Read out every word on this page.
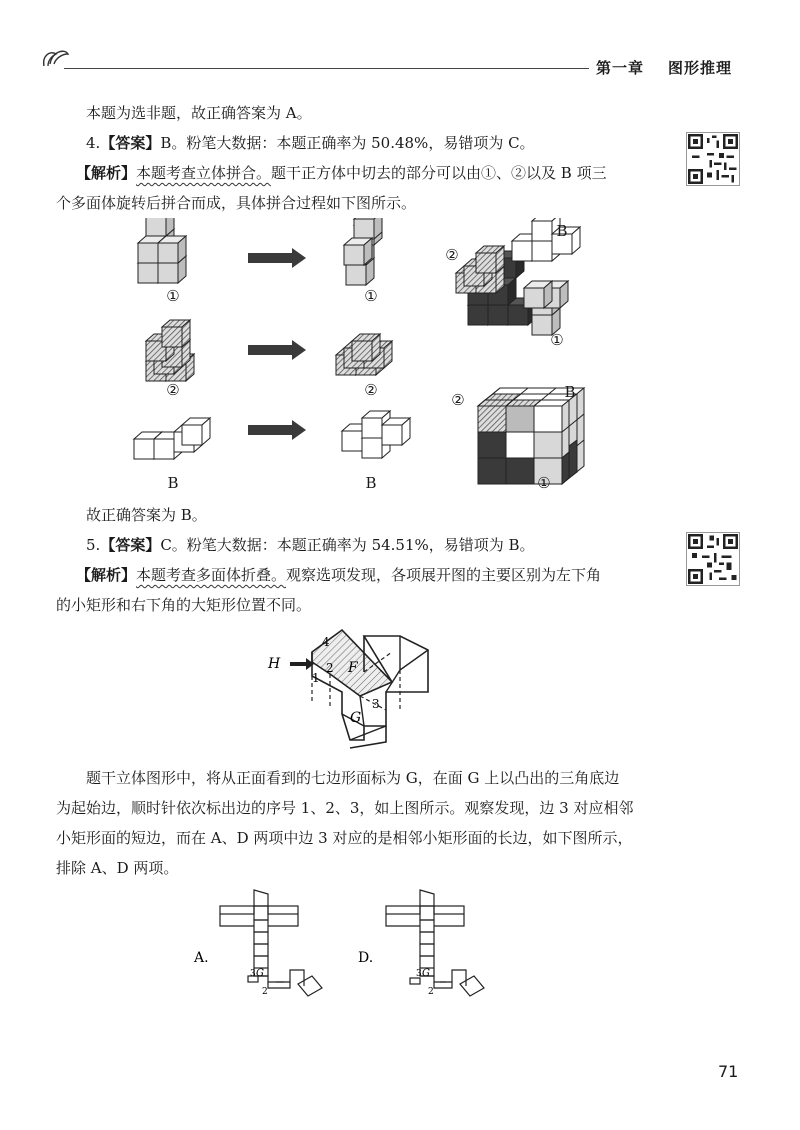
第一章 图形推理
本题为选非题，故正确答案为 A。
4.【答案】B。粉笔大数据：本题正确率为 50.48%，易错项为 C。
【解析】本题考查立体拼合。题干正方体中切去的部分可以由①、②以及 B 项三
个多面体旋转后拼合而成，具体拼合过程如下图所示。
①	①
②	②
B	B
②
B
①
②	B
①
故正确答案为 B。
5.【答案】C。粉笔大数据：本题正确率为 54.51%，易错项为 B。
【解析】本题考查多面体折叠。观察选项发现，各项展开图的主要区别为左下角
的小矩形和右下角的大矩形位置不同。
H	F
G
4
2
1
3
题干立体图形中，将从正面看到的七边形面标为 G，在面 G 上以凸出的三角底边
为起始边，顺时针依次标出边的序号 1、2、3，如上图所示。观察发现，边 3 对应相邻
小矩形面的短边，而在 A、D 两项中边 3 对应的是相邻小矩形面的长边，如下图所示，
排除 A、D 两项。
A.
G
3
2
D.
G
3
2
71
